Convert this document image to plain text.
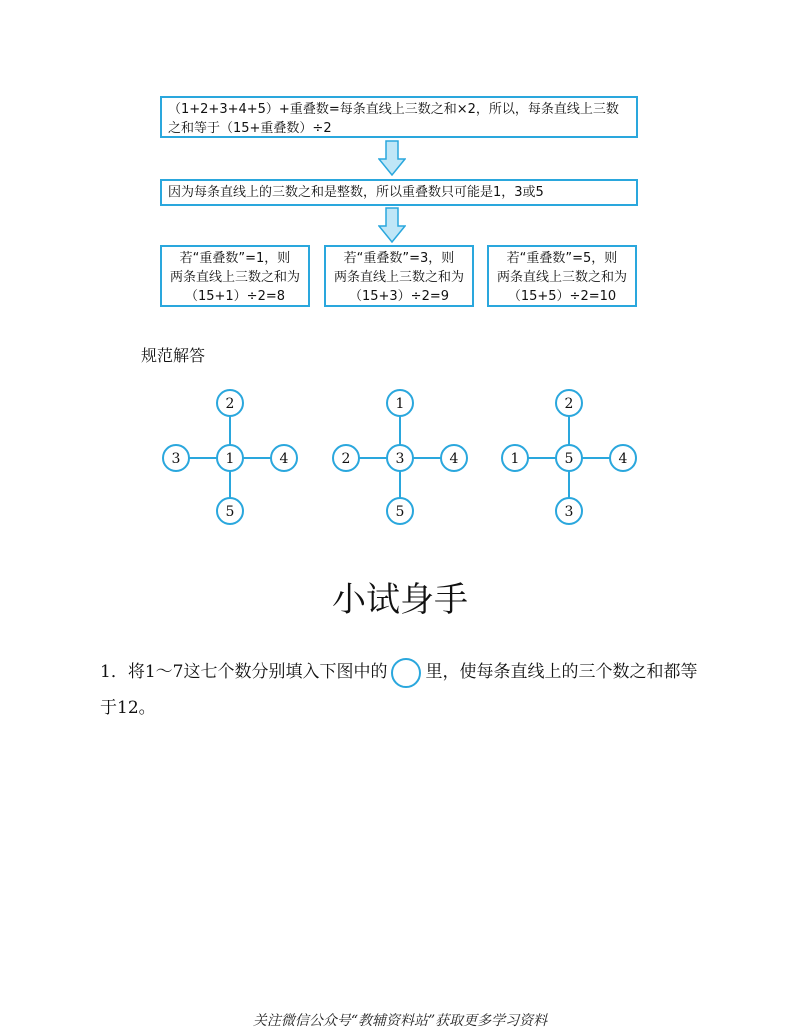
（1+2+3+4+5）+重叠数=每条直线上三数之和×2，所以，每条直线上三数之和等于（15+重叠数）÷2
因为每条直线上的三数之和是整数，所以重叠数只可能是1，3或5
若“重叠数”=1，则
两条直线上三数之和为
（15+1）÷2=8
若“重叠数”=3，则
两条直线上三数之和为
（15+3）÷2=9
若“重叠数”=5，则
两条直线上三数之和为
（15+5）÷2=10
规范解答
2
3	1	4
5
1
2	3	4
5
2
1	5	4
3
小试身手
1．将1～7这七个数分别填入下图中的 里，使每条直线上的三个数之和都等于12。
关注微信公众号“教辅资料站”获取更多学习资料
